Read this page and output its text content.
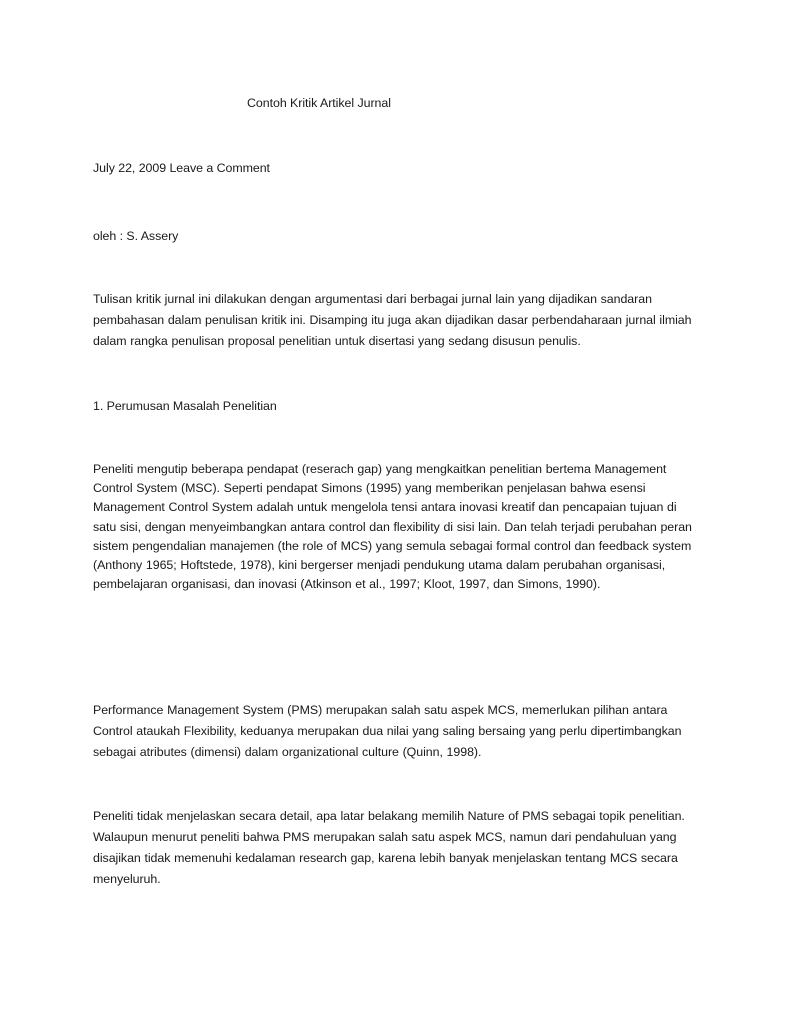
Contoh Kritik Artikel Jurnal
July 22, 2009 Leave a Comment
oleh : S. Assery
Tulisan kritik jurnal ini dilakukan dengan argumentasi dari berbagai jurnal lain yang dijadikan sandaran pembahasan dalam penulisan kritik ini. Disamping itu juga akan dijadikan dasar perbendaharaan jurnal ilmiah dalam rangka penulisan proposal penelitian untuk disertasi yang sedang disusun penulis.
1. Perumusan Masalah Penelitian
Peneliti mengutip beberapa pendapat (reserach gap) yang mengkaitkan penelitian bertema Management Control System (MSC). Seperti pendapat Simons (1995) yang memberikan penjelasan bahwa esensi Management Control System adalah untuk mengelola tensi antara inovasi kreatif dan pencapaian tujuan di satu sisi, dengan menyeimbangkan antara control dan flexibility di sisi lain. Dan telah terjadi perubahan peran sistem pengendalian manajemen (the role of MCS) yang semula sebagai formal control dan feedback system (Anthony 1965; Hoftstede, 1978), kini bergerser menjadi pendukung utama dalam perubahan organisasi, pembelajaran organisasi, dan inovasi (Atkinson et al., 1997; Kloot, 1997, dan Simons, 1990).
Performance Management System (PMS) merupakan salah satu aspek MCS, memerlukan pilihan antara Control ataukah Flexibility, keduanya merupakan dua nilai yang saling bersaing yang perlu dipertimbangkan sebagai atributes (dimensi) dalam organizational culture (Quinn, 1998).
Peneliti tidak menjelaskan secara detail, apa latar belakang memilih Nature of PMS sebagai topik penelitian. Walaupun menurut peneliti bahwa PMS merupakan salah satu aspek MCS, namun dari pendahuluan yang disajikan tidak memenuhi kedalaman research gap, karena lebih banyak menjelaskan tentang MCS secara menyeluruh.
